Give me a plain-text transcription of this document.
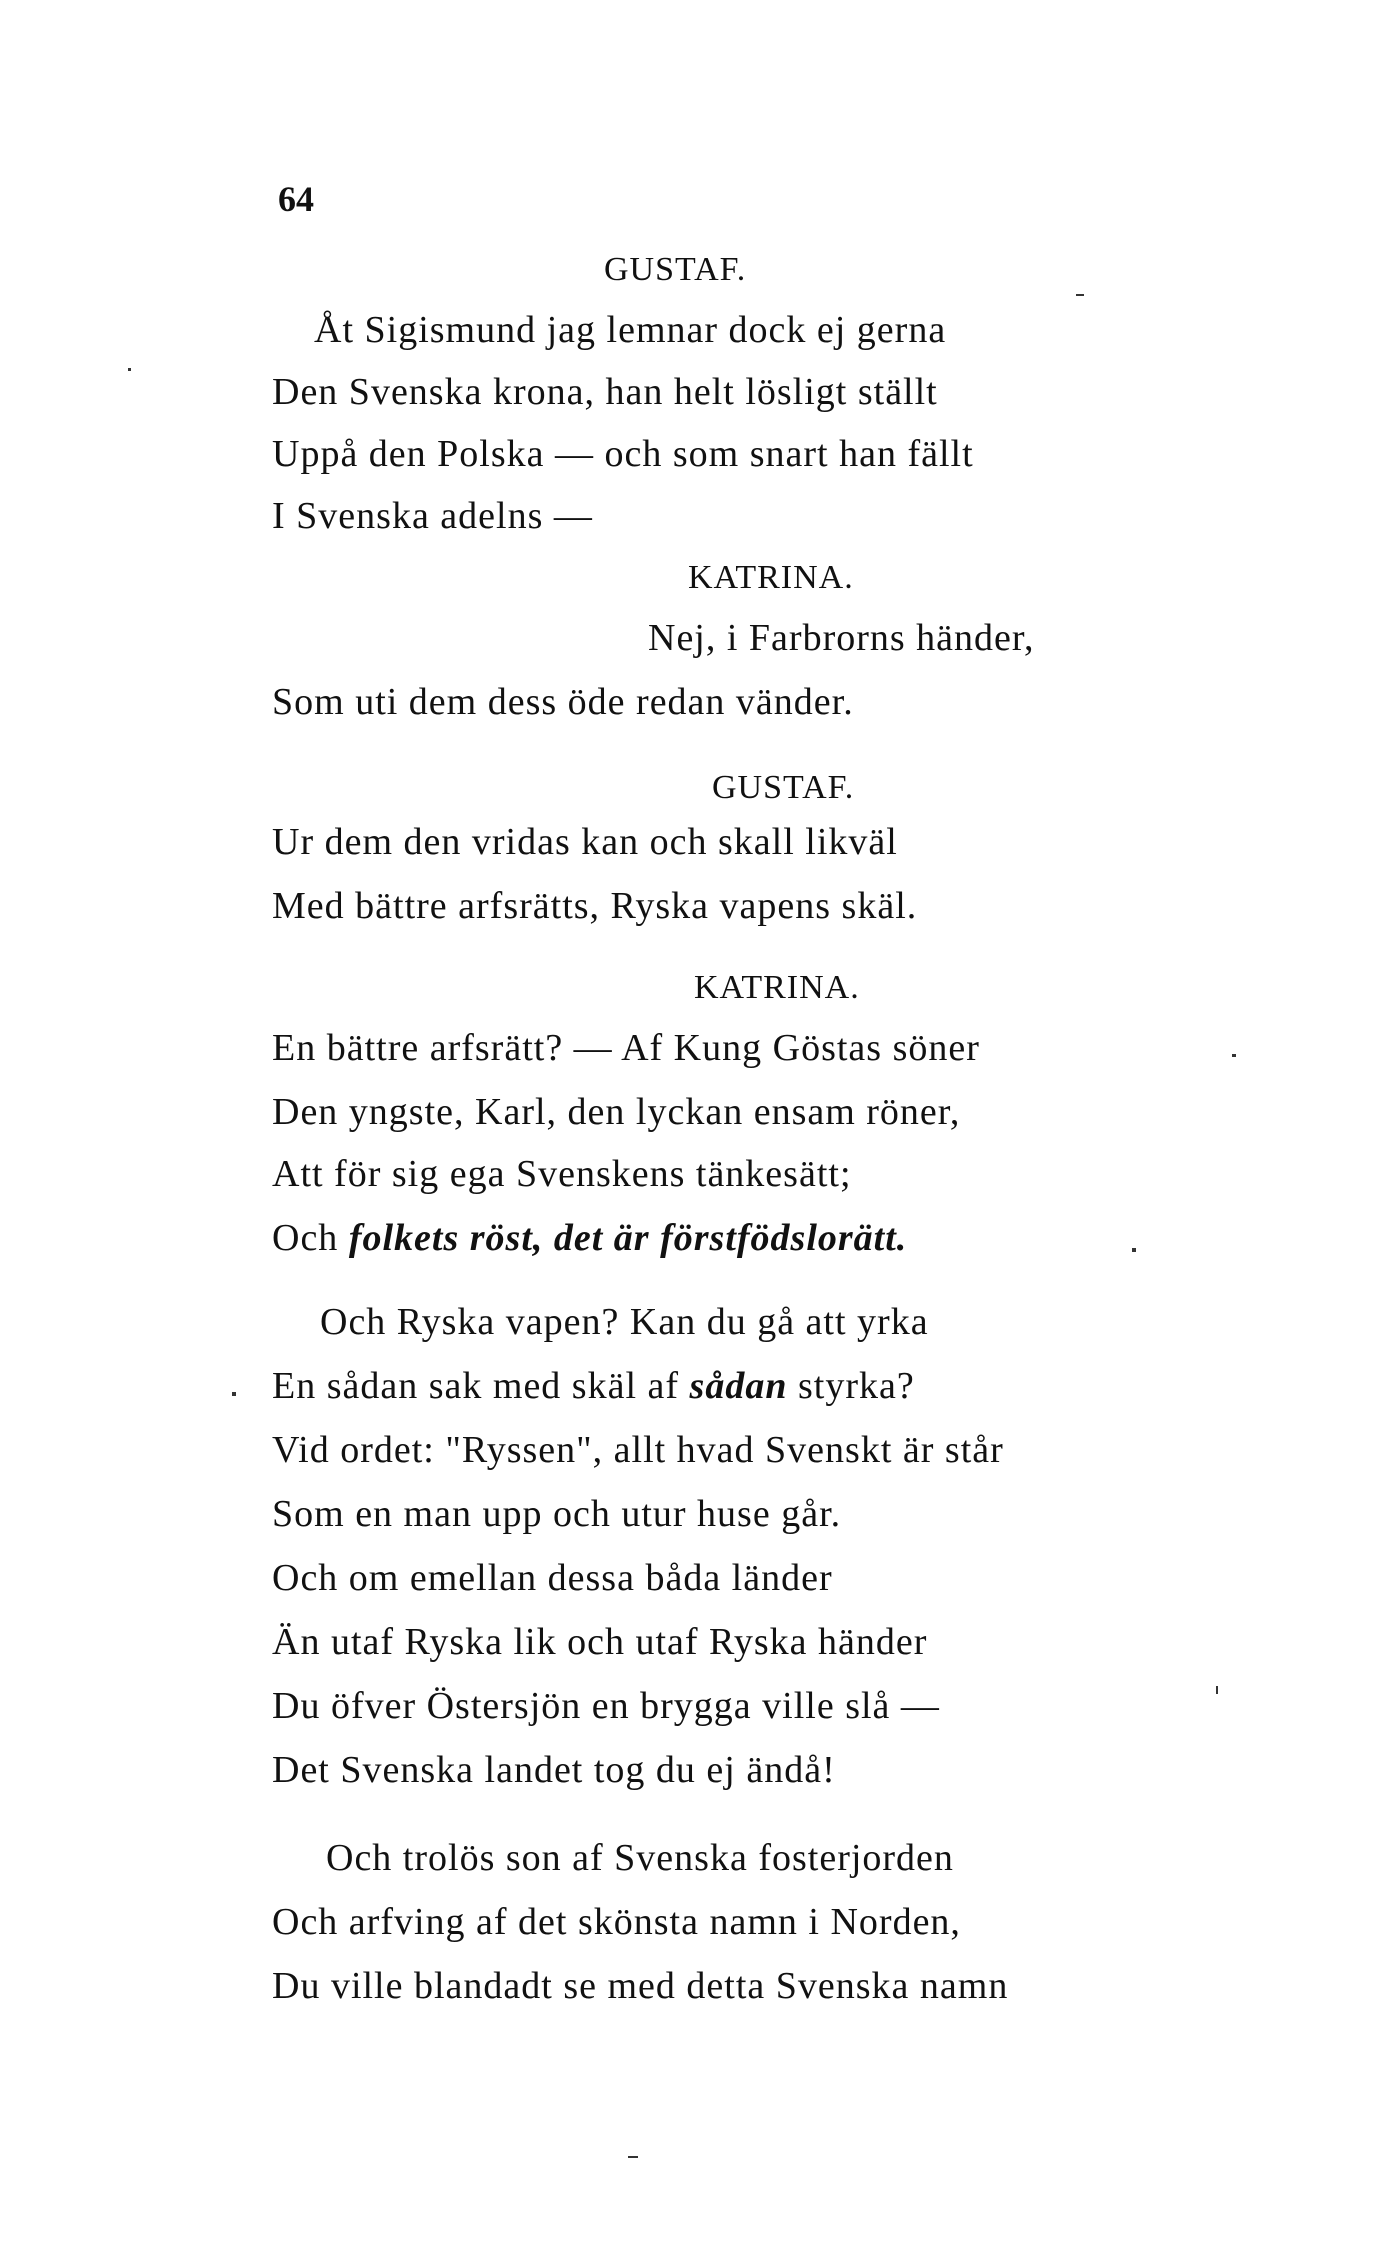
64
GUSTAF.
Åt Sigismund jag lemnar dock ej gerna
Den Svenska krona, han helt lösligt ställt
Uppå den Polska — och som snart han fällt
I Svenska adelns —
KATRINA.
Nej, i Farbrorns händer,
Som uti dem dess öde redan vänder.
GUSTAF.
Ur dem den vridas kan och skall likväl
Med bättre arfsrätts, Ryska vapens skäl.
KATRINA.
En bättre arfsrätt? — Af Kung Göstas söner
Den yngste, Karl, den lyckan ensam röner,
Att för sig ega Svenskens tänkesätt;
Och folkets röst, det är förstfödslorätt.
Och Ryska vapen? Kan du gå att yrka
En sådan sak med skäl af sådan styrka?
Vid ordet: "Ryssen", allt hvad Svenskt är står
Som en man upp och utur huse går.
Och om emellan dessa båda länder
Än utaf Ryska lik och utaf Ryska händer
Du öfver Östersjön en brygga ville slå —
Det Svenska landet tog du ej ändå!
Och trolös son af Svenska fosterjorden
Och arfving af det skönsta namn i Norden,
Du ville blandadt se med detta Svenska namn
